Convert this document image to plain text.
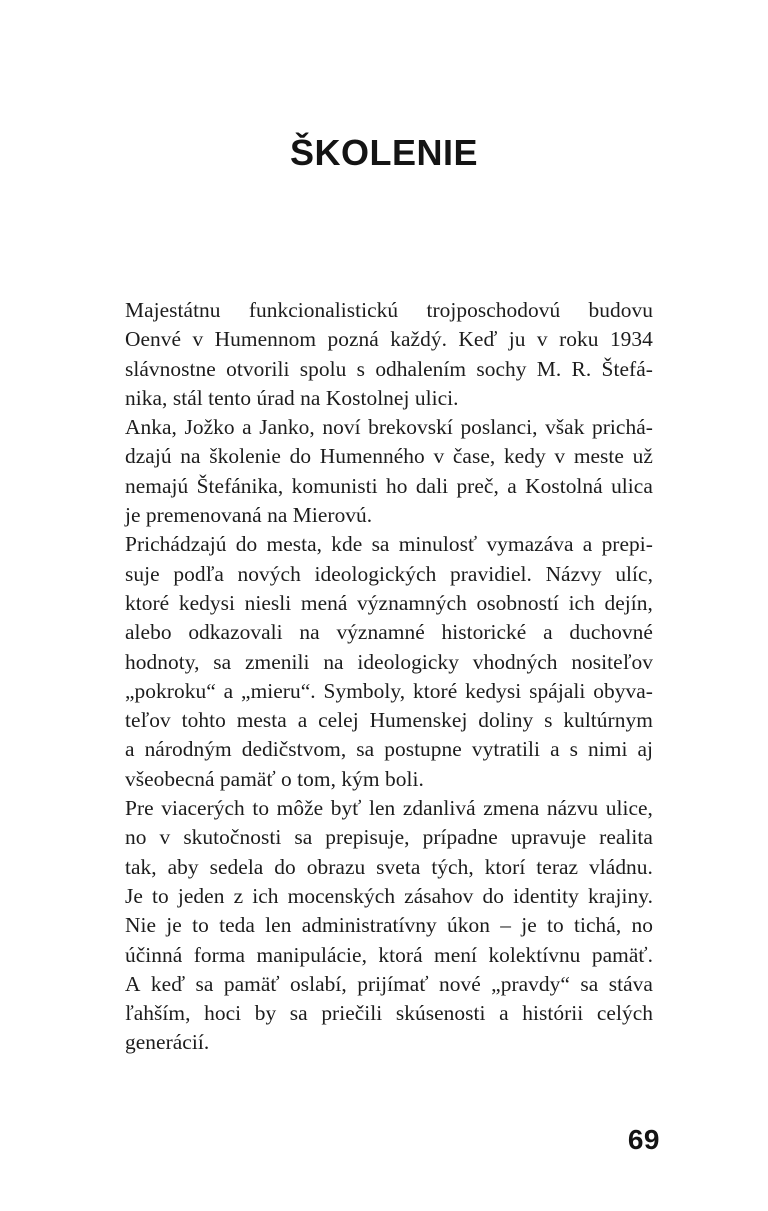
ŠKOLENIE
Majestátnu funkcionalistickú trojposchodovú budovu
Oenvé v Humennom pozná každý. Keď ju v roku 1934
slávnostne otvorili spolu s odhalením sochy M. R. Štefá-
nika, stál tento úrad na Kostolnej ulici.
Anka, Jožko a Janko, noví brekovskí poslanci, však prichá-
dzajú na školenie do Humenného v čase, kedy v meste už
nemajú Štefánika, komunisti ho dali preč, a Kostolná ulica
je premenovaná na Mierovú.
Prichádzajú do mesta, kde sa minulosť vymazáva a prepi-
suje podľa nových ideologických pravidiel. Názvy ulíc,
ktoré kedysi niesli mená významných osobností ich dejín,
alebo odkazovali na významné historické a duchovné
hodnoty, sa zmenili na ideologicky vhodných nositeľov
„pokroku“ a „mieru“. Symboly, ktoré kedysi spájali obyva-
teľov tohto mesta a celej Humenskej doliny s kultúrnym
a národným dedičstvom, sa postupne vytratili a s nimi aj
všeobecná pamäť o tom, kým boli.
Pre viacerých to môže byť len zdanlivá zmena názvu ulice,
no v skutočnosti sa prepisuje, prípadne upravuje realita
tak, aby sedela do obrazu sveta tých, ktorí teraz vládnu.
Je to jeden z ich mocenských zásahov do identity krajiny.
Nie je to teda len administratívny úkon – je to tichá, no
účinná forma manipulácie, ktorá mení kolektívnu pamäť.
A keď sa pamäť oslabí, prijímať nové „pravdy“ sa stáva
ľahším, hoci by sa priečili skúsenosti a histórii celých
generácií.
69
